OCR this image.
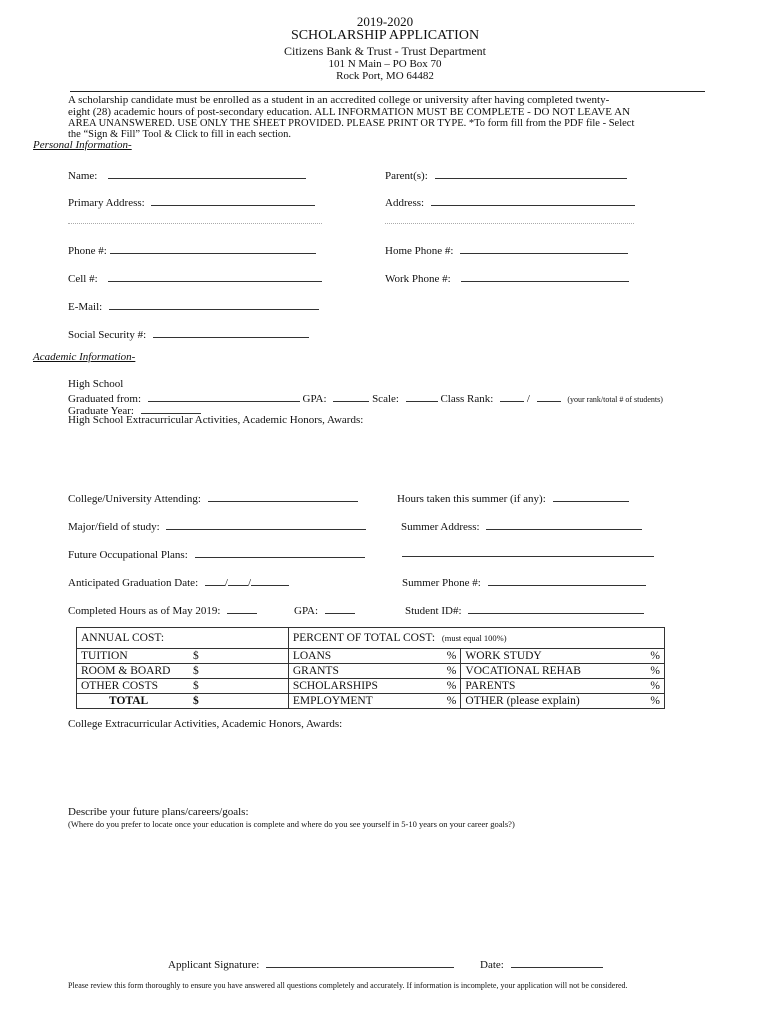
2019-2020
SCHOLARSHIP APPLICATION
Citizens Bank & Trust - Trust Department
101 N Main – PO Box 70
Rock Port, MO 64482
A scholarship candidate must be enrolled as a student in an accredited college or university after having completed twenty-
eight (28) academic hours of post-secondary education. ALL INFORMATION MUST BE COMPLETE - DO NOT LEAVE AN
AREA UNANSWERED. USE ONLY THE SHEET PROVIDED. PLEASE PRINT OR TYPE. *To form fill from the PDF file - Select
the “Sign & Fill” Tool & Click to fill in each section.
Personal Information-
Name:	Parent(s):
Primary Address:	Address:
Phone #:	Home Phone #:
Cell #:	Work Phone #:
E-Mail:
Social Security #:
Academic Information-
High School
Graduated from:	GPA:	Scale:	Class Rank:	/	(your rank/total # of students)
Graduate Year:
High School Extracurricular Activities, Academic Honors, Awards:
College/University Attending:	Hours taken this summer (if any):
Major/field of study:	Summer Address:
Future Occupational Plans:
Anticipated Graduation Date: / /	Summer Phone #:
Completed Hours as of May 2019:	GPA:	Student ID#:
ANNUAL COST:	PERCENT OF TOTAL COST: (must equal 100%)			
TUITION $	LOANS	%	WORK STUDY	%
ROOM & BOARD $	GRANTS	%	VOCATIONAL REHAB	%
OTHER COSTS $	SCHOLARSHIPS	%	PARENTS	%
TOTAL $	EMPLOYMENT	%	OTHER (please explain)	%
College Extracurricular Activities, Academic Honors, Awards:
Describe your future plans/careers/goals:
(Where do you prefer to locate once your education is complete and where do you see yourself in 5-10 years on your career goals?)
Applicant Signature:	Date:
Please review this form thoroughly to ensure you have answered all questions completely and accurately. If information is incomplete, your application will not be considered.
